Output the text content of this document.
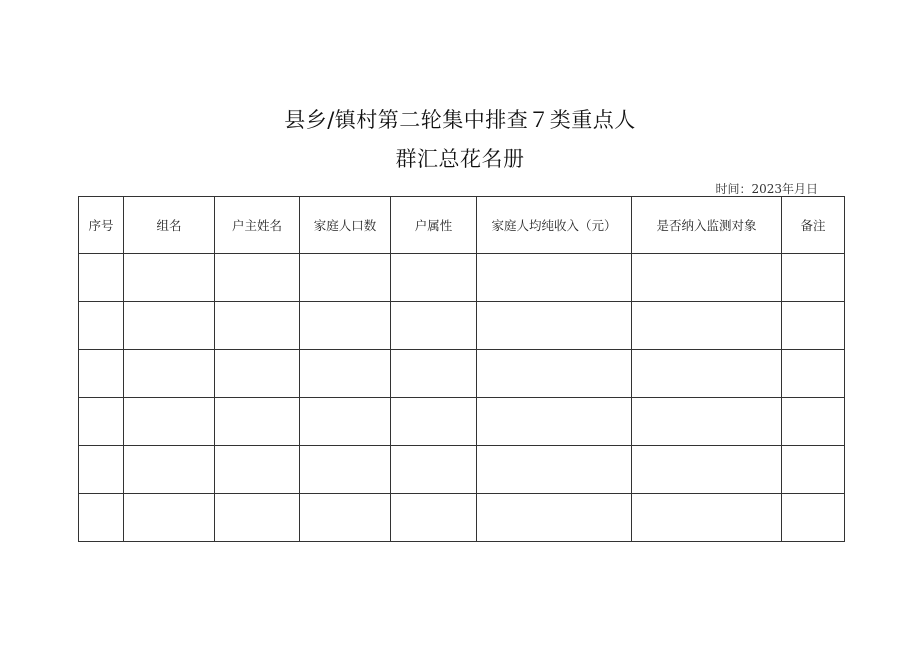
县乡/镇村第二轮集中排查７类重点人
群汇总花名册
时间：2023年月日
序号	组名	户主姓名	家庭人口数	户属性	家庭人均纯收入（元）	是否纳入监测对象	备注
